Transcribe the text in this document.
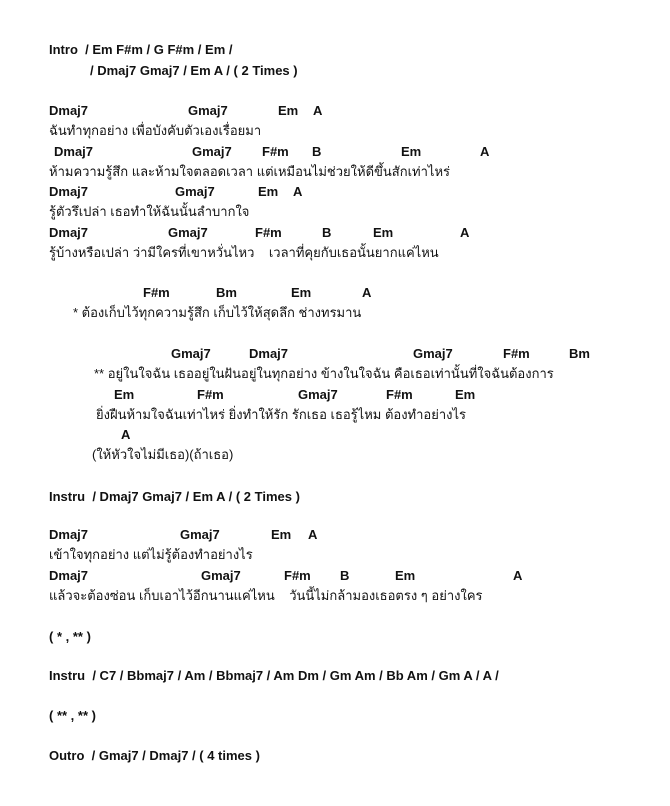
Intro  / Em F#m / G F#m / Em /
/ Dmaj7 Gmaj7 / Em A / ( 2 Times )
Dmaj7	Gmaj7	Em A
ฉันทำทุกอย่าง เพื่อบังคับตัวเองเรื่อยมา
Dmaj7	Gmaj7 F#m B	Em	A
ห้ามความรู้สึก และห้ามใจตลอดเวลา แต่เหมือนไม่ช่วยให้ดีขึ้นสักเท่าไหร่
Dmaj7	Gmaj7	Em A
รู้ตัวรึเปล่า เธอทำให้ฉันนั้นลำบากใจ
Dmaj7	Gmaj7	F#m	B	Em	A
รู้บ้างหรือเปล่า ว่ามีใครที่เขาหวั่นไหว    เวลาที่คุยกับเธอนั้นยากแค่ไหน
F#m	Bm	Em	A
* ต้องเก็บไว้ทุกความรู้สึก เก็บไว้ให้สุดลึก ช่างทรมาน
Gmaj7	Dmaj7	Gmaj7	F#m	Bm
** อยู่ในใจฉัน เธออยู่ในฝันอยู่ในทุกอย่าง ข้างในใจฉัน คือเธอเท่านั้นที่ใจฉันต้องการ
Em	F#m	Gmaj7	F#m	Em
ยิ่งฝืนห้ามใจฉันเท่าไหร่ ยิ่งทำให้รัก รักเธอ เธอรู้ไหม ต้องทำอย่างไร
A
(ให้หัวใจไม่มีเธอ)(ถ้าเธอ)
Instru  / Dmaj7 Gmaj7 / Em A / ( 2 Times )
Dmaj7	Gmaj7	Em A
เข้าใจทุกอย่าง แต่ไม่รู้ต้องทำอย่างไร
Dmaj7	Gmaj7	F#m B	Em	A
แล้วจะต้องซ่อน เก็บเอาไว้อีกนานแค่ไหน    วันนี้ไม่กล้ามองเธอตรง ๆ อย่างใคร
( * , ** )
Instru  / C7 / Bbmaj7 / Am / Bbmaj7 / Am Dm / Gm Am / Bb Am / Gm A / A /
( ** , ** )
Outro  / Gmaj7 / Dmaj7 / ( 4 times )
